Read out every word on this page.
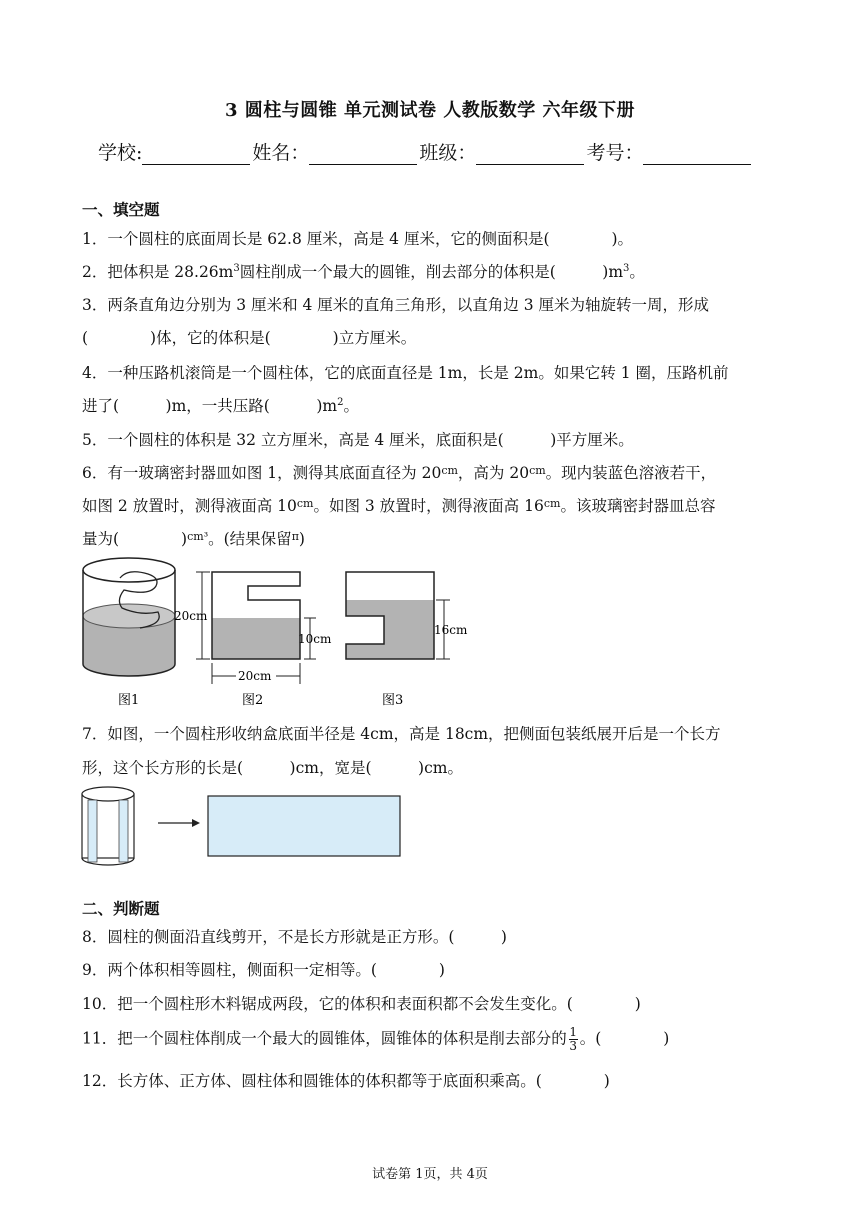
3 圆柱与圆锥 单元测试卷 人教版数学 六年级下册
学校:	姓名：	班级：	考号：
一、填空题
1．一个圆柱的底面周长是 62.8 厘米，高是 4 厘米，它的侧面积是(　　　　)。
2．把体积是 $28.26m^3$圆柱削成一个最大的圆锥，削去部分的体积是(　　　)$m^3$。
3．两条直角边分别为 3 厘米和 4 厘米的直角三角形，以直角边 3 厘米为轴旋转一周，形成
(　　　　)体，它的体积是(　　　　)立方厘米。
4．一种压路机滚筒是一个圆柱体，它的底面直径是 1m，长是 2m。如果它转 1 圈，压路机前
进了(　　　)m，一共压路(　　　)$m^2$。
5．一个圆柱的体积是 32 立方厘米，高是 4 厘米，底面积是(　　　)平方厘米。
6．有一玻璃密封器皿如图 1，测得其底面直径为 $20^{cm}$，高为 $20^{cm}$。现内装蓝色溶液若干，
如图 2 放置时，测得液面高 $10^{cm}$。如图 3 放置时，测得液面高 $16^{cm}$。该玻璃密封器皿总容
量为(　　　　)$^{cm^3}$。(结果保留$^\pi$)
图1
20cm
10cm
20cm
图2
16cm
图3
7．如图，一个圆柱形收纳盒底面半径是 4cm，高是 18cm，把侧面包装纸展开后是一个长方
形，这个长方形的长是(　　　)cm，宽是(　　　)cm。
二、判断题
8．圆柱的侧面沿直线剪开，不是长方形就是正方形。(　　　)
9．两个体积相等圆柱，侧面积一定相等。(　　　　)
10．把一个圆柱形木料锯成两段，它的体积和表面积都不会发生变化。(　　　　)
11．把一个圆柱体削成一个最大的圆锥体，圆锥体的体积是削去部分的 $\frac{1}{3}$ 。(　　　　)
12．长方体、正方体、圆柱体和圆锥体的体积都等于底面积乘高。(　　　　)
试卷第 1页，共 4页
